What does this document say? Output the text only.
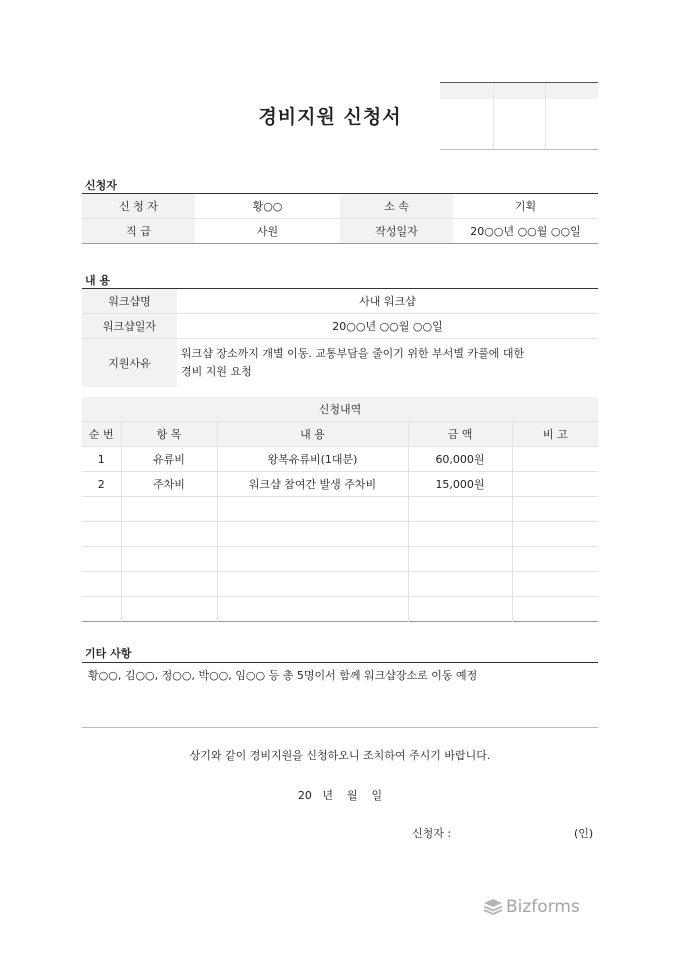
경비지원 신청서
신청자
신 청 자	황○○	소 속	기획
직 급	사원	작성일자	20○○년 ○○월 ○○일
내 용
워크샵명	사내 워크샵
워크샵일자	20○○년 ○○월 ○○일
지원사유	워크샵 장소까지 개별 이동. 교통부담을 줄이기 위한 부서별 카풀에 대한
경비 지원 요청
신청내역				
순 번	항 목	내 용	금 액	비 고
1	유류비	왕복유류비(1대분)	60,000원	
2	주차비	워크샵 참여간 발생 주차비	15,000원	

기타 사항
황○○, 김○○, 정○○, 박○○, 임○○ 등 총 5명이서 함께 워크샵장소로 이동 예정
상기와 같이 경비지원을 신청하오니 조치하여 주시기 바랍니다.
20   년    월    일
신청자 :	(인)
Bizforms
